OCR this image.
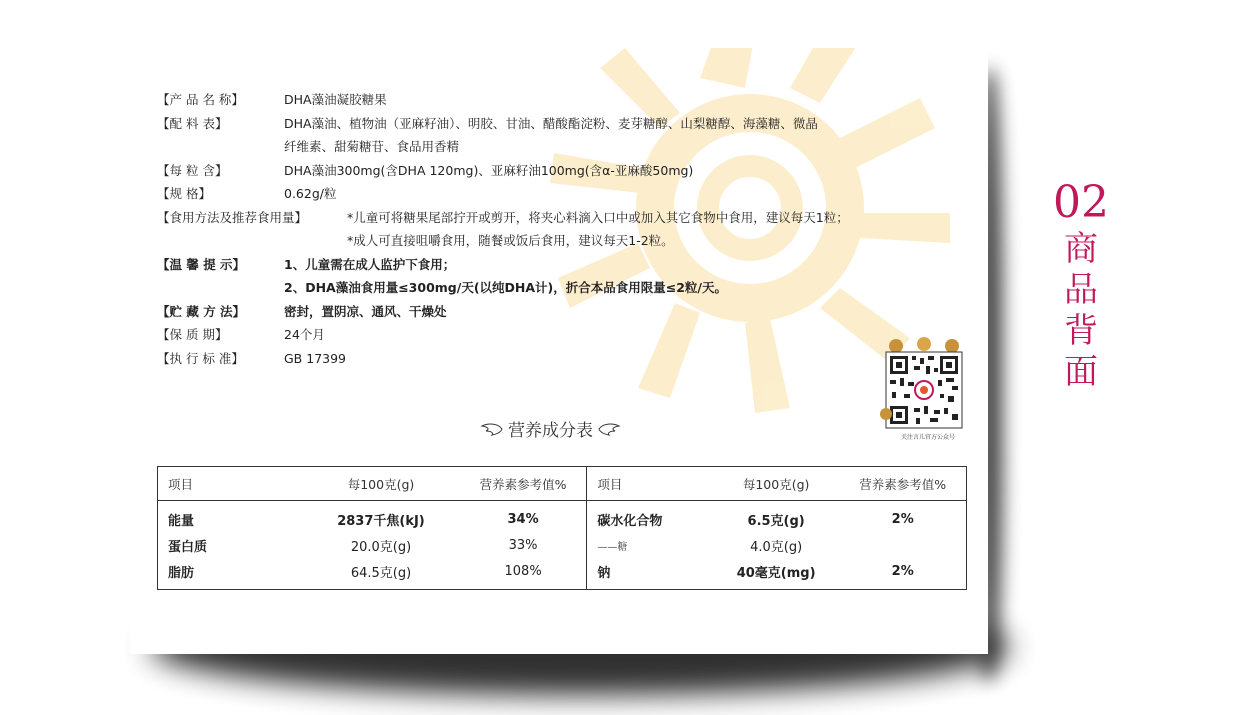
【产 品 名 称】	DHA藻油凝胶糖果
【配 料 表】	DHA藻油、植物油（亚麻籽油）、明胶、甘油、醋酸酯淀粉、麦芽糖醇、山梨糖醇、海藻糖、微晶
纤维素、甜菊糖苷、食品用香精
【每 粒 含】	DHA藻油300mg(含DHA 120mg)、亚麻籽油100mg(含α-亚麻酸50mg)
【规 格】	0.62g/粒
【食用方法及推荐食用量】	*儿童可将糖果尾部拧开或剪开，将夹心料滴入口中或加入其它食物中食用，建议每天1粒；
*成人可直接咀嚼食用，随餐或饭后食用，建议每天1-2粒。
【温 馨 提 示】	1、儿童需在成人监护下食用；
2、DHA藻油食用量≤300mg/天(以纯DHA计)，折合本品食用限量≤2粒/天。
【贮 藏 方 法】	密封，置阴凉、通风、干燥处
【保 质 期】	24个月
【执 行 标 准】	GB 17399
关注言儿官方公众号
营养成分表
项目	每100克(g)	营养素参考值%	项目	每100克(g)	营养素参考值%
能量	2837千焦(kJ)	34%	碳水化合物	6.5克(g)	2%
蛋白质	20.0克(g)	33%	——糖	4.0克(g)	
脂肪	64.5克(g)	108%	钠	40毫克(mg)	2%
02
商
品
背
面
